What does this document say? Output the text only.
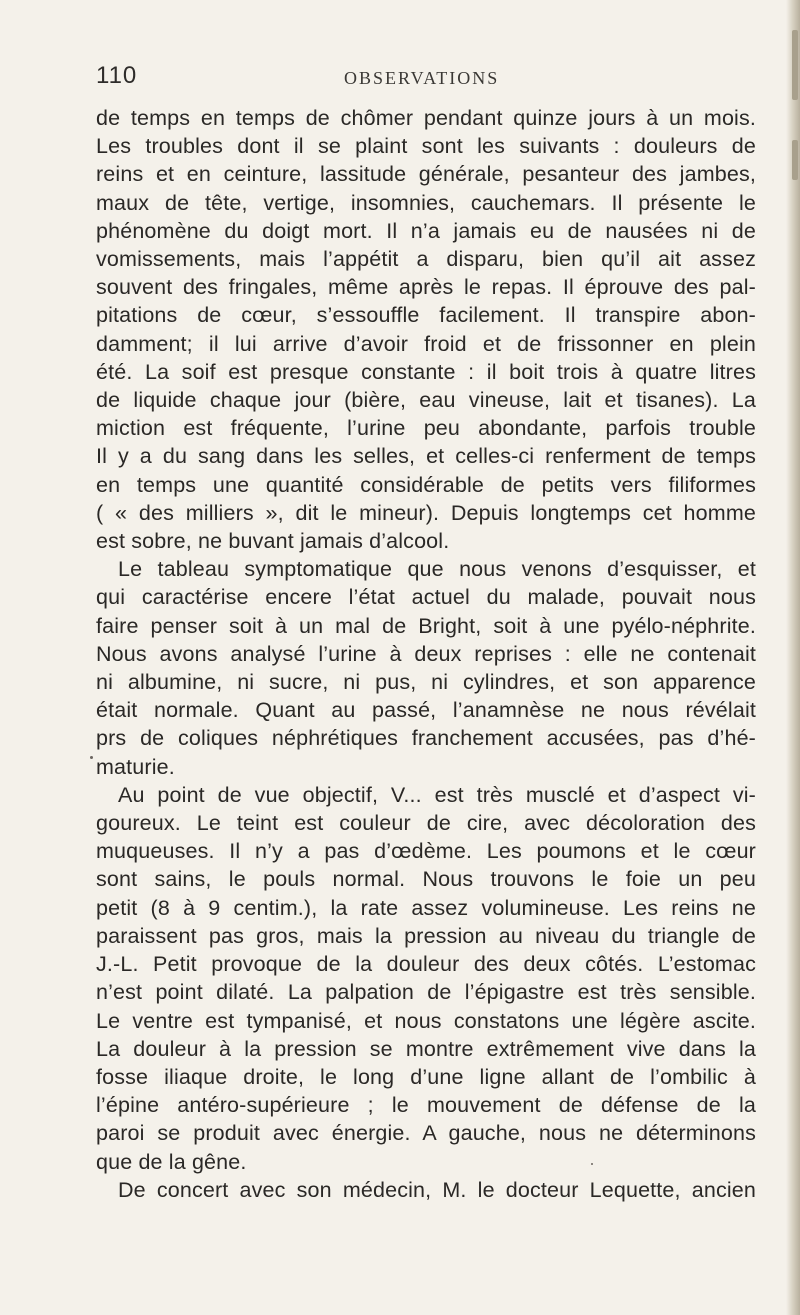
110	OBSERVATIONS

de temps en temps de chômer pendant quinze jours à un mois.

Les troubles dont il se plaint sont les suivants : douleurs de

reins et en ceinture, lassitude générale, pesanteur des jambes,

maux de tête, vertige, insomnies, cauchemars. Il présente le

phénomène du doigt mort. Il n’a jamais eu de nausées ni de

vomissements, mais l’appétit a disparu, bien qu’il ait assez

souvent des fringales, même après le repas. Il éprouve des pal-

pitations de cœur, s’essouffle facilement. Il transpire abon-

damment; il lui arrive d’avoir froid et de frissonner en plein

été. La soif est presque constante : il boit trois à quatre litres

de liquide chaque jour (bière, eau vineuse, lait et tisanes). La

miction est fréquente, l’urine peu abondante, parfois trouble

Il y a du sang dans les selles, et celles-ci renferment de temps

en temps une quantité considérable de petits vers filiformes

( « des milliers », dit le mineur). Depuis longtemps cet homme

est sobre, ne buvant jamais d’alcool.

Le tableau symptomatique que nous venons d’esquisser, et

qui caractérise encere l’état actuel du malade, pouvait nous

faire penser soit à un mal de Bright, soit à une pyélo-néphrite.

Nous avons analysé l’urine à deux reprises : elle ne contenait

ni albumine, ni sucre, ni pus, ni cylindres, et son apparence

était normale. Quant au passé, l’anamnèse ne nous révélait

prs de coliques néphrétiques franchement accusées, pas d’hé-

maturie.

Au point de vue objectif, V... est très musclé et d’aspect vi-

goureux. Le teint est couleur de cire, avec décoloration des

muqueuses. Il n’y a pas d’œdème. Les poumons et le cœur

sont sains, le pouls normal. Nous trouvons le foie un peu

petit (8 à 9 centim.), la rate assez volumineuse. Les reins ne

paraissent pas gros, mais la pression au niveau du triangle de

J.-L. Petit provoque de la douleur des deux côtés. L’estomac

n’est point dilaté. La palpation de l’épigastre est très sensible.

Le ventre est tympanisé, et nous constatons une légère ascite.

La douleur à la pression se montre extrêmement vive dans la

fosse iliaque droite, le long d’une ligne allant de l’ombilic à

l’épine antéro-supérieure ; le mouvement de défense de la

paroi se produit avec énergie. A gauche, nous ne déterminons

que de la gêne.

De concert avec son médecin, M. le docteur Lequette, ancien
